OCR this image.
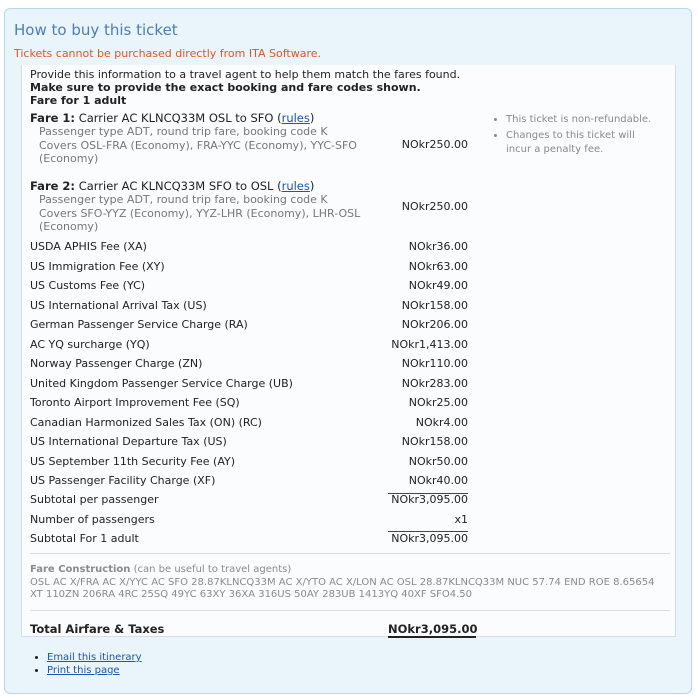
How to buy this ticket
Tickets cannot be purchased directly from ITA Software.
Provide this information to a travel agent to help them match the fares found.
Make sure to provide the exact booking and fare codes shown.
Fare for 1 adult
Fare 1: Carrier AC KLNCQ33M OSL to SFO (rules)
Passenger type ADT, round trip fare, booking code K Covers OSL-FRA (Economy), FRA-YYC (Economy), YYC-SFO (Economy)
NOkr250.00
Fare 2: Carrier AC KLNCQ33M SFO to OSL (rules)
Passenger type ADT, round trip fare, booking code K Covers SFO-YYZ (Economy), YYZ-LHR (Economy), LHR-OSL (Economy)
NOkr250.00
• This ticket is non-refundable.
• Changes to this ticket will incur a penalty fee.
USDA APHIS Fee (XA)	NOkr36.00
US Immigration Fee (XY)	NOkr63.00
US Customs Fee (YC)	NOkr49.00
US International Arrival Tax (US)	NOkr158.00
German Passenger Service Charge (RA)	NOkr206.00
AC YQ surcharge (YQ)	NOkr1,413.00
Norway Passenger Charge (ZN)	NOkr110.00
United Kingdom Passenger Service Charge (UB)	NOkr283.00
Toronto Airport Improvement Fee (SQ)	NOkr25.00
Canadian Harmonized Sales Tax (ON) (RC)	NOkr4.00
US International Departure Tax (US)	NOkr158.00
US September 11th Security Fee (AY)	NOkr50.00
US Passenger Facility Charge (XF)	NOkr40.00
Subtotal per passenger	NOkr3,095.00
Number of passengers	x1
Subtotal For 1 adult	NOkr3,095.00
Fare Construction (can be useful to travel agents)
OSL AC X/FRA AC X/YYC AC SFO 28.87KLNCQ33M AC X/YTO AC X/LON AC OSL 28.87KLNCQ33M NUC 57.74 END ROE 8.65654 XT 110ZN 206RA 4RC 25SQ 49YC 63XY 36XA 316US 50AY 283UB 1413YQ 40XF SFO4.50
Total Airfare & Taxes	NOkr3,095.00
• Email this itinerary
• Print this page
